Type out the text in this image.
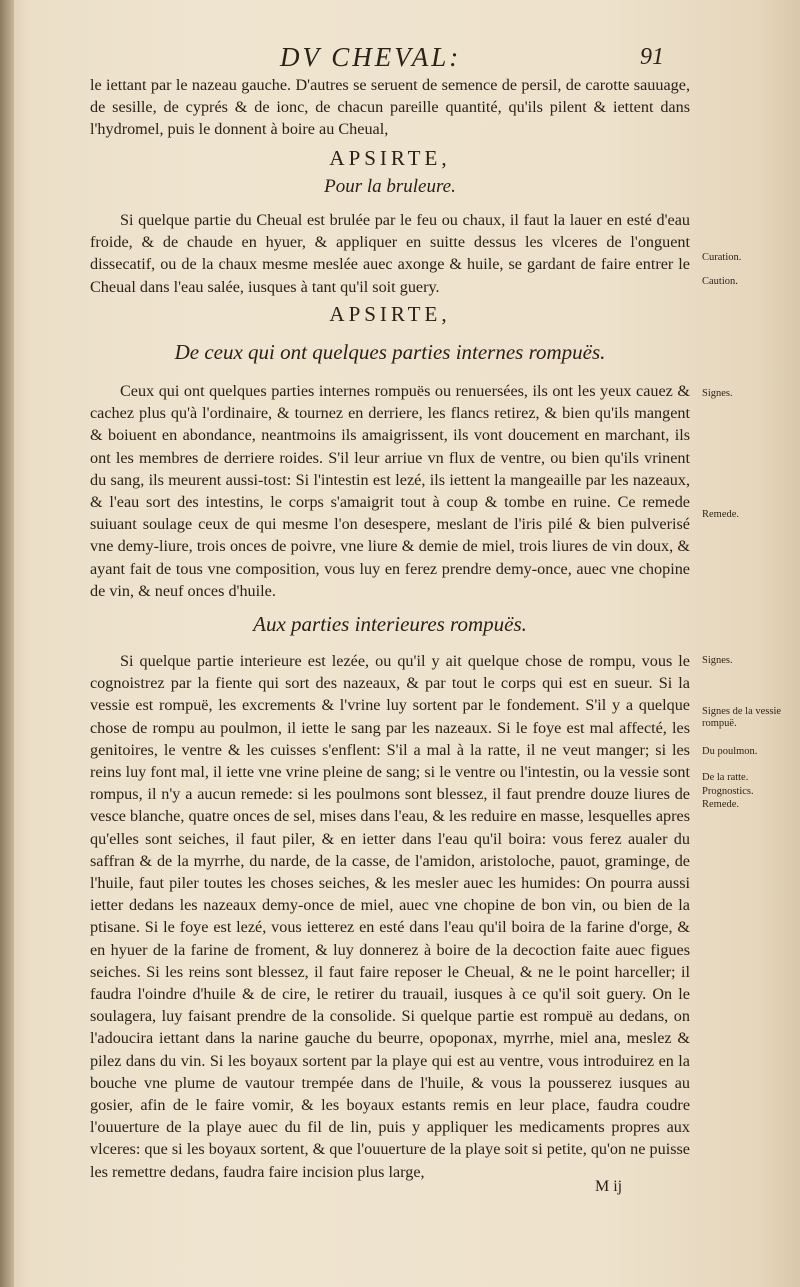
DV CHEVAL:	91

le iettant par le nazeau gauche. D'autres se seruent de semence de persil, de carotte sauuage, de sesille, de cyprés & de ionc, de chacun pareille quantité, qu'ils pilent & iettent dans l'hydromel, puis le donnent à boire au Cheual,

APSIRTE,
Pour la bruleure.

Si quelque partie du Cheual est brulée par le feu ou chaux, il faut la lauer en esté d'eau froide, & de chaude en hyuer, & appliquer en suitte dessus les vlceres de l'onguent dissecatif, ou de la chaux mesme meslée auec axonge & huile, se gardant de faire entrer le Cheual dans l'eau salée, iusques à tant qu'il soit guery.

APSIRTE,
De ceux qui ont quelques parties internes rompuës.

Ceux qui ont quelques parties internes rompuës ou renuersées, ils ont les yeux cauez & cachez plus qu'à l'ordinaire, & tournez en derriere, les flancs retirez, & bien qu'ils mangent & boiuent en abondance, neantmoins ils amaigrissent, ils vont doucement en marchant, ils ont les membres de derriere roides. S'il leur arriue vn flux de ventre, ou bien qu'ils vrinent du sang, ils meurent aussi-tost: Si l'intestin est lezé, ils iettent la mangeaille par les nazeaux, & l'eau sort des intestins, le corps s'amaigrit tout à coup & tombe en ruine. Ce remede suiuant soulage ceux de qui mesme l'on desespere, meslant de l'iris pilé & bien pulverisé vne demy-liure, trois onces de poivre, vne liure & demie de miel, trois liures de vin doux, & ayant fait de tous vne composition, vous luy en ferez prendre demy-once, auec vne chopine de vin, & neuf onces d'huile.

Aux parties interieures rompuës.

Si quelque partie interieure est lezée, ou qu'il y ait quelque chose de rompu, vous le cognoistrez par la fiente qui sort des nazeaux, & par tout le corps qui est en sueur. Si la vessie est rompuë, les excrements & l'vrine luy sortent par le fondement. S'il y a quelque chose de rompu au poulmon, il iette le sang par les nazeaux. Si le foye est mal affecté, les genitoires, le ventre & les cuisses s'enflent: S'il a mal à la ratte, il ne veut manger; si les reins luy font mal, il iette vne vrine pleine de sang; si le ventre ou l'intestin, ou la vessie sont rompus, il n'y a aucun remede: si les poulmons sont blessez, il faut prendre douze liures de vesce blanche, quatre onces de sel, mises dans l'eau, & les reduire en masse, lesquelles apres qu'elles sont seiches, il faut piler, & en ietter dans l'eau qu'il boira: vous ferez aualer du saffran & de la myrrhe, du narde, de la casse, de l'amidon, aristoloche, pauot, graminge, de l'huile, faut piler toutes les choses seiches, & les mesler auec les humides: On pourra aussi ietter dedans les nazeaux demy-once de miel, auec vne chopine de bon vin, ou bien de la ptisane. Si le foye est lezé, vous ietterez en esté dans l'eau qu'il boira de la farine d'orge, & en hyuer de la farine de froment, & luy donnerez à boire de la decoction faite auec figues seiches. Si les reins sont blessez, il faut faire reposer le Cheual, & ne le point harceller; il faudra l'oindre d'huile & de cire, le retirer du trauail, iusques à ce qu'il soit guery. On le soulagera, luy faisant prendre de la consolide. Si quelque partie est rompuë au dedans, on l'adoucira iettant dans la narine gauche du beurre, opoponax, myrrhe, miel ana, meslez & pilez dans du vin. Si les boyaux sortent par la playe qui est au ventre, vous introduirez en la bouche vne plume de vautour trempée dans de l'huile, & vous la pousserez iusques au gosier, afin de le faire vomir, & les boyaux estants remis en leur place, faudra coudre l'ouuerture de la playe auec du fil de lin, puis y appliquer les medicaments propres aux vlceres: que si les boyaux sortent, & que l'ouuerture de la playe soit si petite, qu'on ne puisse les remettre dedans, faudra faire incision plus large,

Curation.
Caution.
Signes.
Remede.
Signes.
Signes de la vessie rompuë.
Du poulmon.
De la ratte.
Prognostics.
Remede.
M ij
